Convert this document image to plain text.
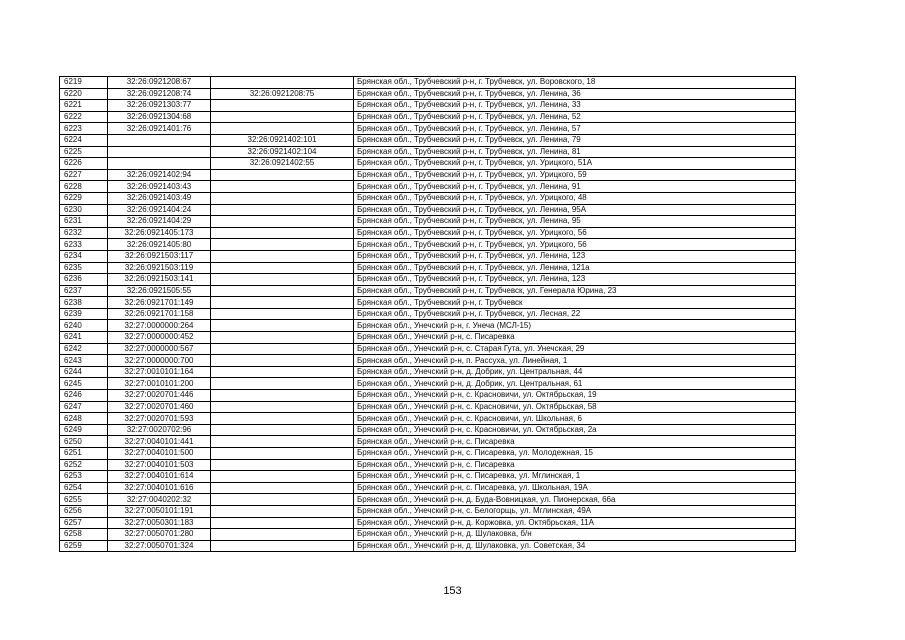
6219	32:26:0921208:67		Брянская обл., Трубчевский р-н, г. Трубчевск, ул. Воровского, 18
6220	32:26:0921208:74	32:26:0921208:75	Брянская обл., Трубчевский р-н, г. Трубчевск, ул. Ленина, 36
6221	32:26:0921303:77		Брянская обл., Трубчевский р-н, г. Трубчевск, ул. Ленина, 33
6222	32:26:0921304:68		Брянская обл., Трубчевский р-н, г. Трубчевск, ул. Ленина, 52
6223	32:26:0921401:76		Брянская обл., Трубчевский р-н, г. Трубчевск, ул. Ленина, 57
6224		32:26:0921402:101	Брянская обл., Трубчевский р-н, г. Трубчевск, ул. Ленина, 79
6225		32:26:0921402:104	Брянская обл., Трубчевский р-н, г. Трубчевск, ул. Ленина, 81
6226		32:26:0921402:55	Брянская обл., Трубчевский р-н, г. Трубчевск, ул. Урицкого, 51А
6227	32:26:0921402:94		Брянская обл., Трубчевский р-н, г. Трубчевск, ул. Урицкого, 59
6228	32:26:0921403:43		Брянская обл., Трубчевский р-н, г. Трубчевск, ул. Ленина, 91
6229	32:26:0921403:49		Брянская обл., Трубчевский р-н, г. Трубчевск, ул. Урицкого, 48
6230	32:26:0921404:24		Брянская обл., Трубчевский р-н, г. Трубчевск, ул. Ленина, 95А
6231	32:26:0921404:29		Брянская обл., Трубчевский р-н, г. Трубчевск, ул. Ленина, 95
6232	32:26:0921405:173		Брянская обл., Трубчевский р-н, г. Трубчевск, ул. Урицкого, 56
6233	32:26:0921405:80		Брянская обл., Трубчевский р-н, г. Трубчевск, ул. Урицкого, 56
6234	32:26:0921503:117		Брянская обл., Трубчевский р-н, г. Трубчевск, ул. Ленина, 123
6235	32:26:0921503:119		Брянская обл., Трубчевский р-н, г. Трубчевск, ул. Ленина, 121а
6236	32:26:0921503:141		Брянская обл., Трубчевский р-н, г. Трубчевск, ул. Ленина, 123
6237	32:26:0921505:55		Брянская обл., Трубчевский р-н, г. Трубчевск, ул. Генерала Юрина, 23
6238	32:26:0921701:149		Брянская обл., Трубчевский р-н, г. Трубчевск
6239	32:26:0921701:158		Брянская обл., Трубчевский р-н, г. Трубчевск, ул. Лесная, 22
6240	32:27:0000000:264		Брянская обл., Унечский р-н, г. Унеча (МСЛ-15)
6241	32:27:0000000:452		Брянская обл., Унечский р-н, с. Писаревка
6242	32:27:0000000:567		Брянская обл., Унечский р-н, с. Старая Гута, ул. Унечская, 29
6243	32:27:0000000:700		Брянская обл., Унечский р-н, п. Рассуха, ул. Линейная, 1
6244	32:27:0010101:164		Брянская обл., Унечский р-н, д. Добрик, ул. Центральная, 44
6245	32:27:0010101:200		Брянская обл., Унечский р-н, д. Добрик, ул. Центральная, 61
6246	32:27:0020701:446		Брянская обл., Унечский р-н, с. Красновичи, ул. Октябрьская, 19
6247	32:27:0020701:460		Брянская обл., Унечский р-н, с. Красновичи, ул. Октябрьская, 58
6248	32:27:0020701:593		Брянская обл., Унечский р-н, с. Красновичи, ул. Школьная, 6
6249	32:27:0020702:96		Брянская обл., Унечский р-н, с. Красновичи, ул. Октябрьская, 2а
6250	32:27:0040101:441		Брянская обл., Унечский р-н, с. Писаревка
6251	32:27:0040101:500		Брянская обл., Унечский р-н, с. Писаревка, ул. Молодежная, 15
6252	32:27:0040101:503		Брянская обл., Унечский р-н, с. Писаревка
6253	32:27:0040101:614		Брянская обл., Унечский р-н, с. Писаревка, ул. Мглинская, 1
6254	32:27:0040101:616		Брянская обл., Унечский р-н, с. Писаревка, ул. Школьная, 19А
6255	32:27:0040202:32		Брянская обл., Унечский р-н, д. Буда-Вовницкая, ул. Пионерская, 66а
6256	32:27:0050101:191		Брянская обл., Унечский р-н, с. Белогорщь, ул. Мглинская, 49А
6257	32:27:0050301:183		Брянская обл., Унечский р-н, д. Коржовка, ул. Октябрьская, 11А
6258	32:27:0050701:280		Брянская обл., Унечский р-н, д. Шулаковка, б/н
6259	32:27:0050701:324		Брянская обл., Унечский р-н, д. Шулаковка, ул. Советская, 34
153
